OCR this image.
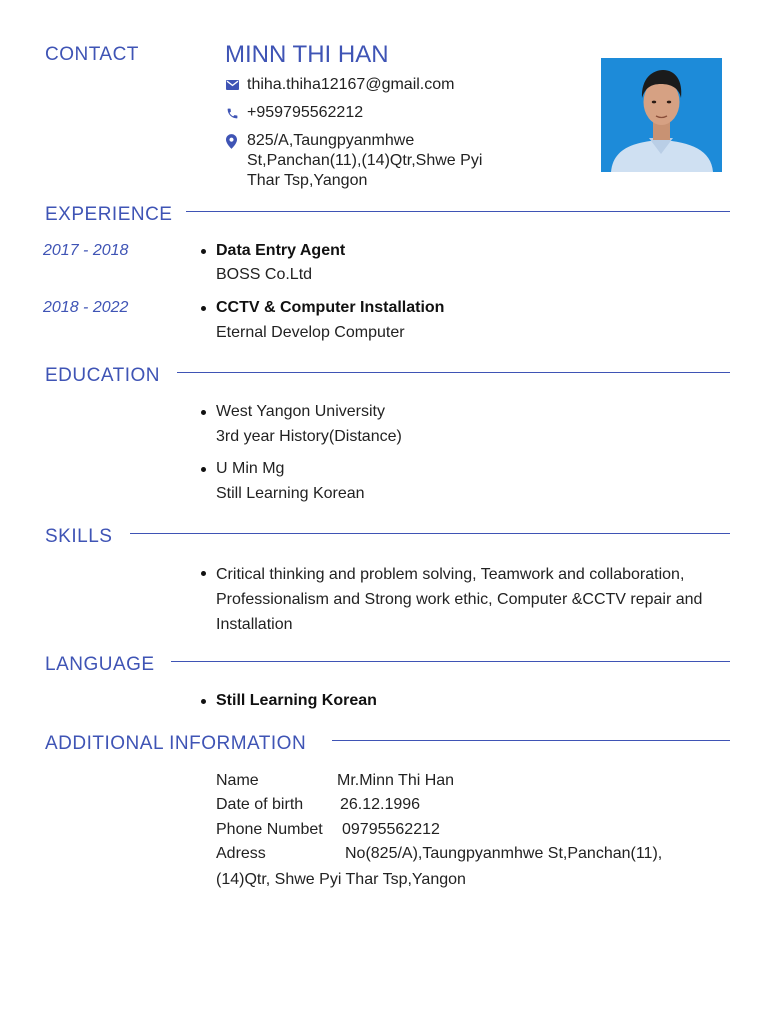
CONTACT	MINN THI HAN
thiha.thiha12167@gmail.com
+959795562212
825/A,Taungpyanmhwe St,Panchan(11),(14)Qtr,Shwe Pyi Thar Tsp,Yangon
EXPERIENCE
2017 - 2018	Data Entry Agent
BOSS Co.Ltd
2018 - 2022	CCTV & Computer Installation
Eternal Develop Computer
EDUCATION
West Yangon University
3rd year History(Distance)
U Min Mg
Still Learning Korean
SKILLS
Critical thinking and problem solving, Teamwork and collaboration, Professionalism and Strong work ethic, Computer &CCTV repair and Installation
LANGUAGE
Still Learning Korean
ADDITIONAL INFORMATION
Name	Mr.Minn Thi Han
Date of birth 26.12.1996
Phone Numbet 09795562212
Adress	No(825/A),Taungpyanmhwe St,Panchan(11),
(14)Qtr, Shwe Pyi Thar Tsp,Yangon
